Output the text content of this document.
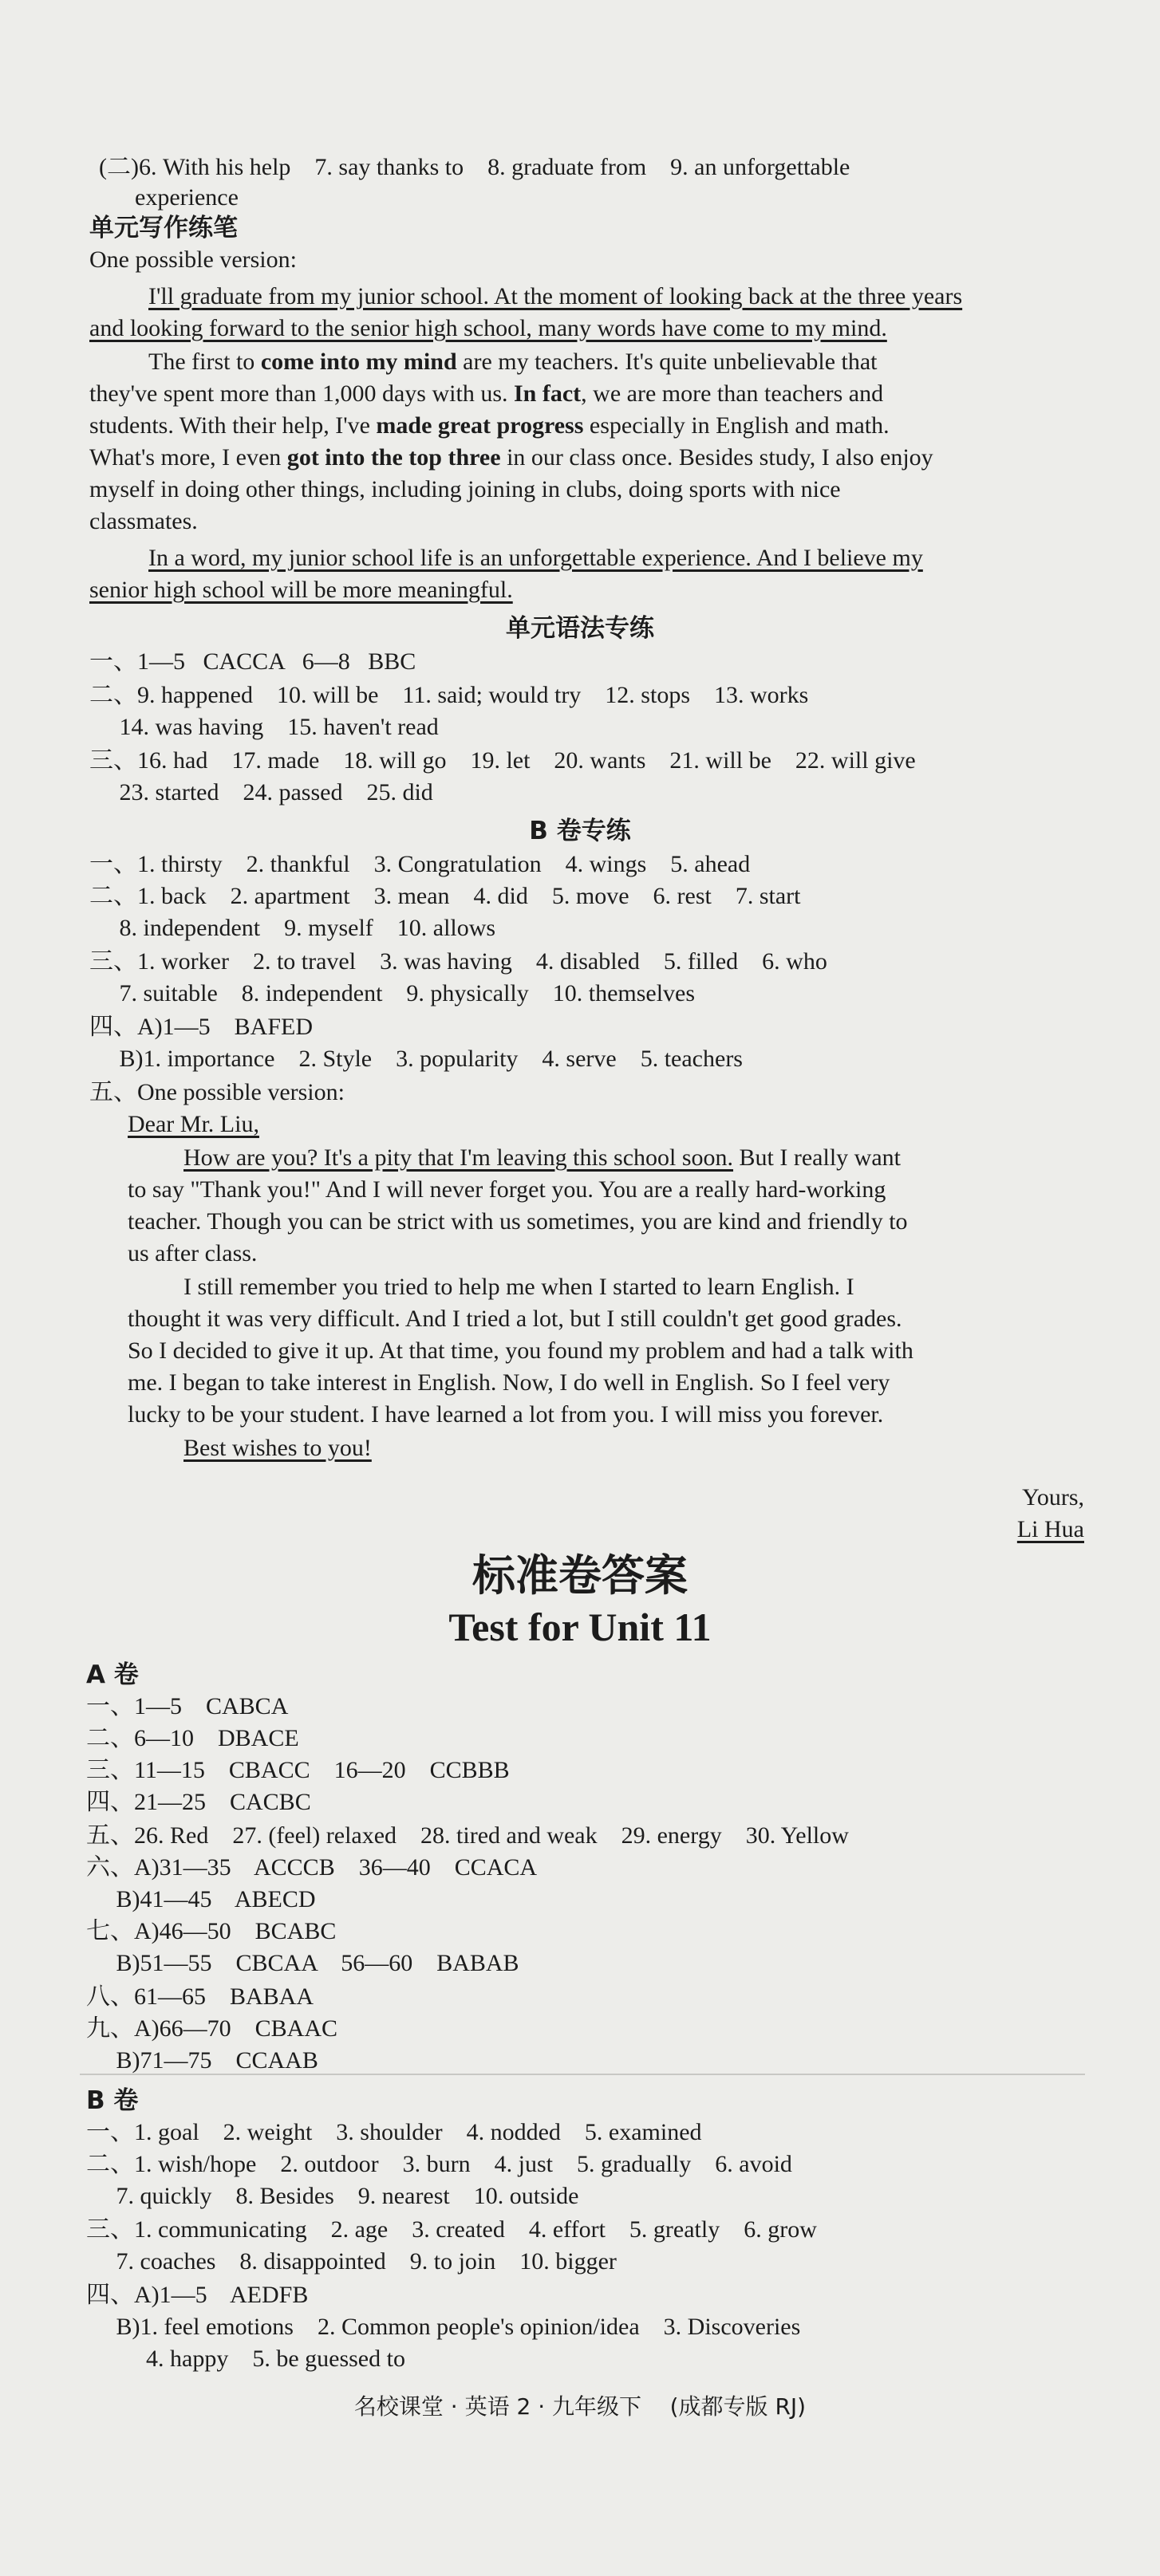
(二)6. With his help    7. say thanks to    8. graduate from    9. an unforgettable
experience
单元写作练笔
One possible version:
I'll graduate from my junior school. At the moment of looking back at the three years
and looking forward to the senior high school, many words have come to my mind.
The first to come into my mind are my teachers. It's quite unbelievable that
they've spent more than 1,000 days with us. In fact, we are more than teachers and
students. With their help, I've made great progress especially in English and math.
What's more, I even got into the top three in our class once. Besides study, I also enjoy
myself in doing other things, including joining in clubs, doing sports with nice
classmates.
In a word, my junior school life is an unforgettable experience. And I believe my
senior high school will be more meaningful.
单元语法专练
一、1—5   CACCA   6—8   BBC
二、9. happened    10. will be    11. said; would try    12. stops    13. works
14. was having    15. haven't read
三、16. had    17. made    18. will go    19. let    20. wants    21. will be    22. will give
23. started    24. passed    25. did
B 卷专练
一、1. thirsty    2. thankful    3. Congratulation    4. wings    5. ahead
二、1. back    2. apartment    3. mean    4. did    5. move    6. rest    7. start
8. independent    9. myself    10. allows
三、1. worker    2. to travel    3. was having    4. disabled    5. filled    6. who
7. suitable    8. independent    9. physically    10. themselves
四、A)1—5    BAFED
B)1. importance    2. Style    3. popularity    4. serve    5. teachers
五、One possible version:
Dear Mr. Liu,
How are you? It's a pity that I'm leaving this school soon. But I really want
to say "Thank you!" And I will never forget you. You are a really hard-working
teacher. Though you can be strict with us sometimes, you are kind and friendly to
us after class.
I still remember you tried to help me when I started to learn English. I
thought it was very difficult. And I tried a lot, but I still couldn't get good grades.
So I decided to give it up. At that time, you found my problem and had a talk with
me. I began to take interest in English. Now, I do well in English. So I feel very
lucky to be your student. I have learned a lot from you. I will miss you forever.
Best wishes to you!
Yours,
Li Hua
标准卷答案
Test for Unit 11
A 卷
一、1—5    CABCA
二、6—10    DBACE
三、11—15    CBACC    16—20    CCBBB
四、21—25    CACBC
五、26. Red    27. (feel) relaxed    28. tired and weak    29. energy    30. Yellow
六、A)31—35    ACCCB    36—40    CCACA
B)41—45    ABECD
七、A)46—50    BCABC
B)51—55    CBCAA    56—60    BABAB
八、61—65    BABAA
九、A)66—70    CBAAC
B)71—75    CCAAB
B 卷
一、1. goal    2. weight    3. shoulder    4. nodded    5. examined
二、1. wish/hope    2. outdoor    3. burn    4. just    5. gradually    6. avoid
7. quickly    8. Besides    9. nearest    10. outside
三、1. communicating    2. age    3. created    4. effort    5. greatly    6. grow
7. coaches    8. disappointed    9. to join    10. bigger
四、A)1—5    AEDFB
B)1. feel emotions    2. Common people's opinion/idea    3. Discoveries
4. happy    5. be guessed to
名校课堂 · 英语 2 · 九年级下    (成都专版 RJ)
